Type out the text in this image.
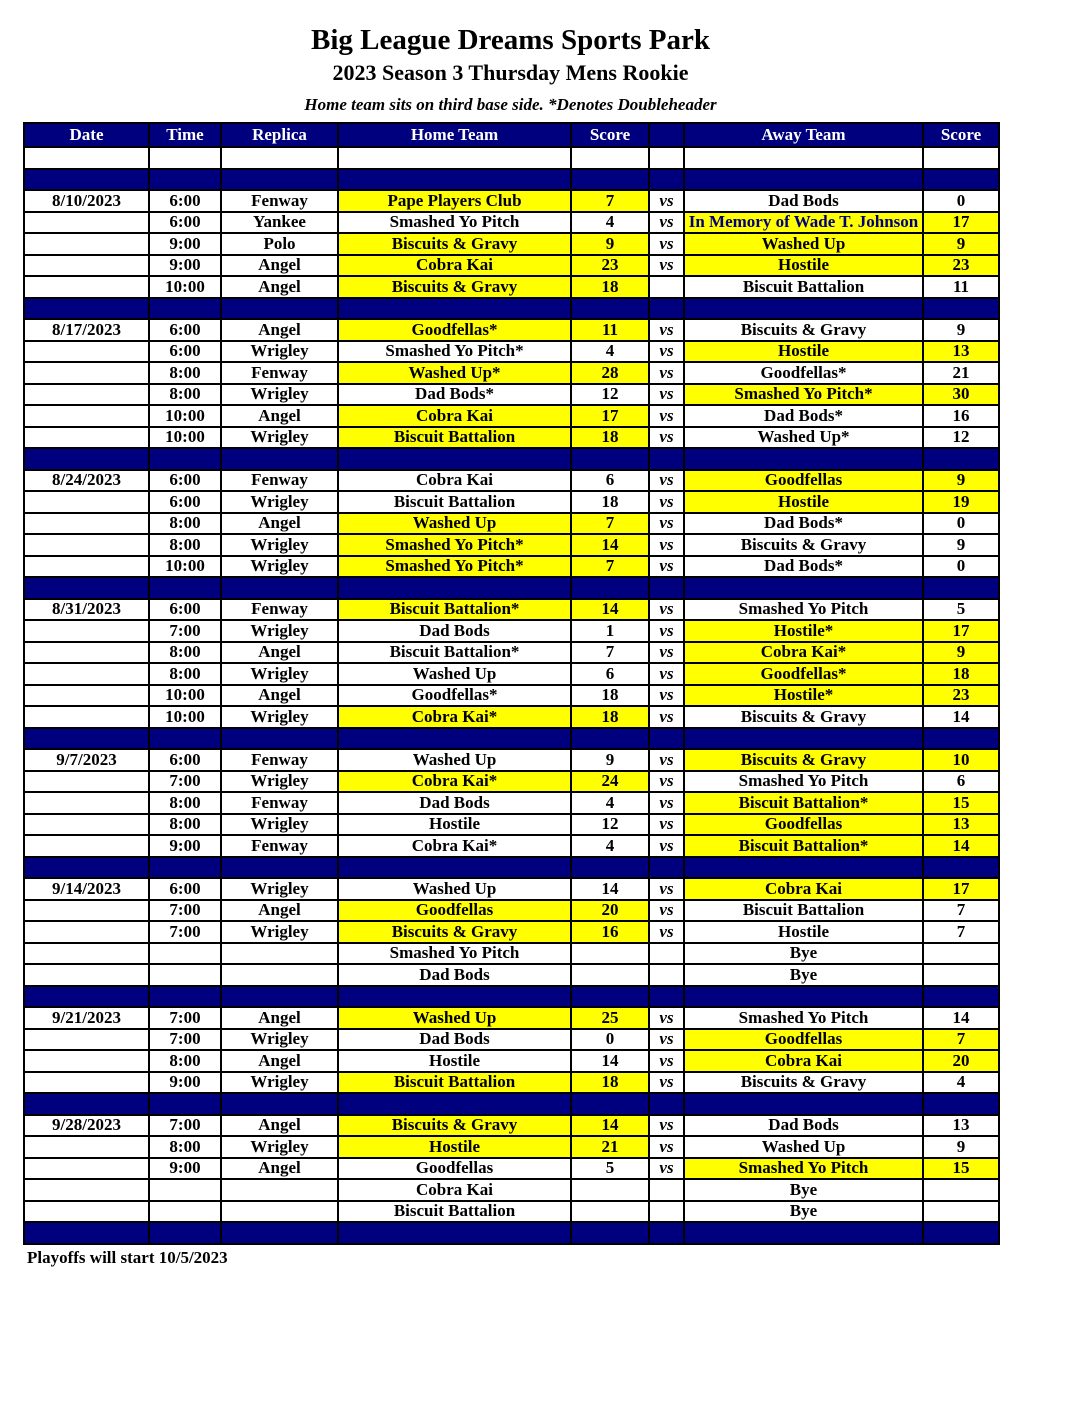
Big League Dreams Sports Park
2023 Season 3 Thursday Mens Rookie
Home team sits on third base side. *Denotes Doubleheader
Date	Time	Replica	Home Team	Score		Away Team	Score

8/10/2023	6:00	Fenway	Pape Players Club	7	vs	Dad Bods	0
	6:00	Yankee	Smashed Yo Pitch	4	vs	In Memory of Wade T. Johnson	17
	9:00	Polo	Biscuits & Gravy	9	vs	Washed Up	9
	9:00	Angel	Cobra Kai	23	vs	Hostile	23
	10:00	Angel	Biscuits & Gravy	18		Biscuit Battalion	11

8/17/2023	6:00	Angel	Goodfellas*	11	vs	Biscuits & Gravy	9
	6:00	Wrigley	Smashed Yo Pitch*	4	vs	Hostile	13
	8:00	Fenway	Washed Up*	28	vs	Goodfellas*	21
	8:00	Wrigley	Dad Bods*	12	vs	Smashed Yo Pitch*	30
	10:00	Angel	Cobra Kai	17	vs	Dad Bods*	16
	10:00	Wrigley	Biscuit Battalion	18	vs	Washed Up*	12

8/24/2023	6:00	Fenway	Cobra Kai	6	vs	Goodfellas	9
	6:00	Wrigley	Biscuit Battalion	18	vs	Hostile	19
	8:00	Angel	Washed Up	7	vs	Dad Bods*	0
	8:00	Wrigley	Smashed Yo Pitch*	14	vs	Biscuits & Gravy	9
	10:00	Wrigley	Smashed Yo Pitch*	7	vs	Dad Bods*	0

8/31/2023	6:00	Fenway	Biscuit Battalion*	14	vs	Smashed Yo Pitch	5
	7:00	Wrigley	Dad Bods	1	vs	Hostile*	17
	8:00	Angel	Biscuit Battalion*	7	vs	Cobra Kai*	9
	8:00	Wrigley	Washed Up	6	vs	Goodfellas*	18
	10:00	Angel	Goodfellas*	18	vs	Hostile*	23
	10:00	Wrigley	Cobra Kai*	18	vs	Biscuits & Gravy	14

9/7/2023	6:00	Fenway	Washed Up	9	vs	Biscuits & Gravy	10
	7:00	Wrigley	Cobra Kai*	24	vs	Smashed Yo Pitch	6
	8:00	Fenway	Dad Bods	4	vs	Biscuit Battalion*	15
	8:00	Wrigley	Hostile	12	vs	Goodfellas	13
	9:00	Fenway	Cobra Kai*	4	vs	Biscuit Battalion*	14

9/14/2023	6:00	Wrigley	Washed Up	14	vs	Cobra Kai	17
	7:00	Angel	Goodfellas	20	vs	Biscuit Battalion	7
	7:00	Wrigley	Biscuits & Gravy	16	vs	Hostile	7
			Smashed Yo Pitch			Bye	
			Dad Bods			Bye	

9/21/2023	7:00	Angel	Washed Up	25	vs	Smashed Yo Pitch	14
	7:00	Wrigley	Dad Bods	0	vs	Goodfellas	7
	8:00	Angel	Hostile	14	vs	Cobra Kai	20
	9:00	Wrigley	Biscuit Battalion	18	vs	Biscuits & Gravy	4

9/28/2023	7:00	Angel	Biscuits & Gravy	14	vs	Dad Bods	13
	8:00	Wrigley	Hostile	21	vs	Washed Up	9
	9:00	Angel	Goodfellas	5	vs	Smashed Yo Pitch	15
			Cobra Kai			Bye	
			Biscuit Battalion			Bye	

Playoffs will start 10/5/2023
